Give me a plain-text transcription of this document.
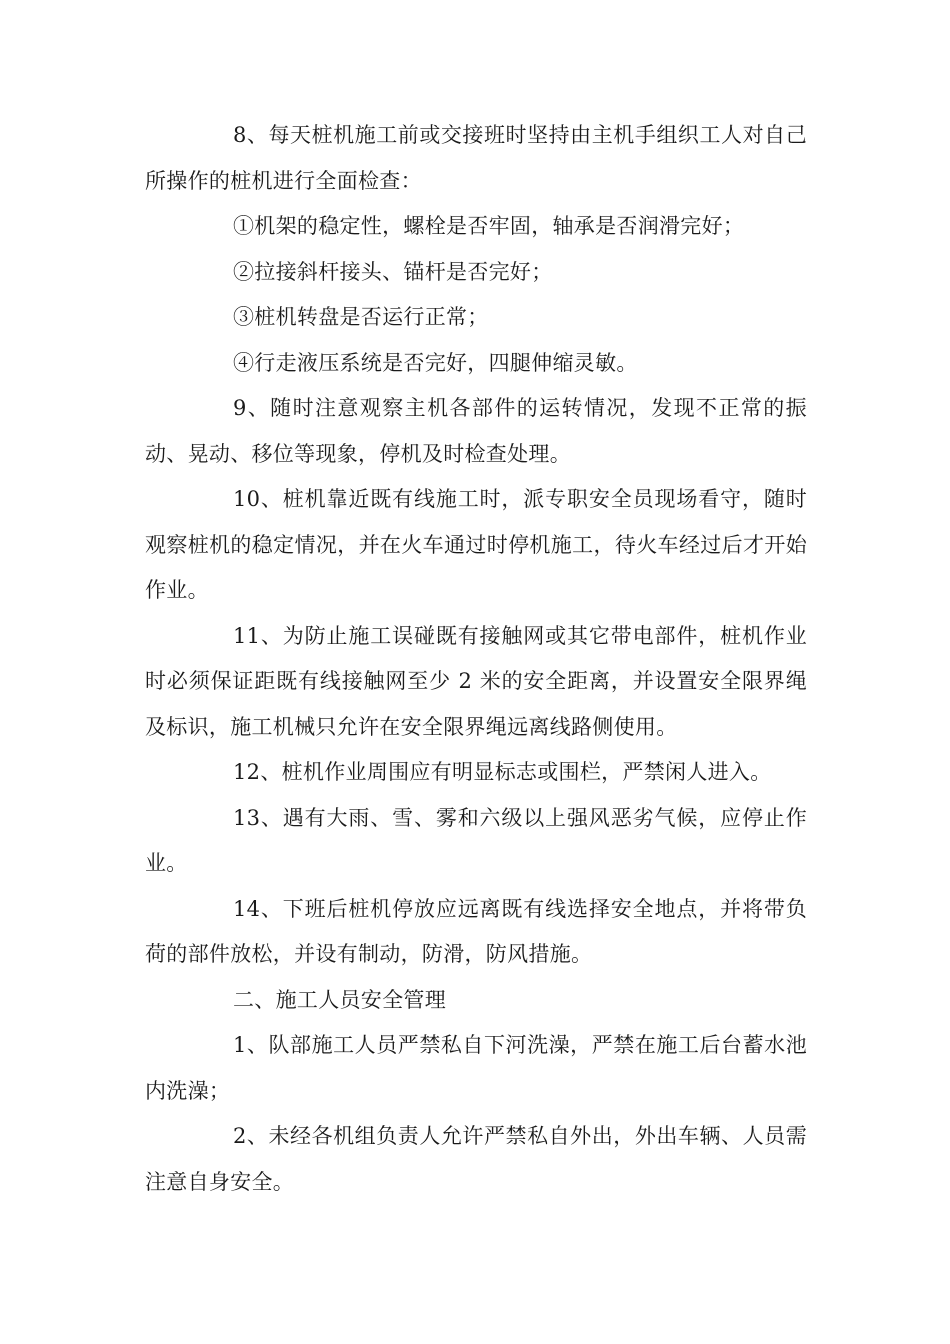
8、每天桩机施工前或交接班时坚持由主机手组织工人对自己所操作的桩机进行全面检查：

①机架的稳定性，螺栓是否牢固，轴承是否润滑完好；

②拉接斜杆接头、锚杆是否完好；

③桩机转盘是否运行正常；

④行走液压系统是否完好，四腿伸缩灵敏。

9、随时注意观察主机各部件的运转情况，发现不正常的振动、晃动、移位等现象，停机及时检查处理。

10、桩机靠近既有线施工时，派专职安全员现场看守，随时观察桩机的稳定情况，并在火车通过时停机施工，待火车经过后才开始作业。

11、为防止施工误碰既有接触网或其它带电部件，桩机作业时必须保证距既有线接触网至少 2 米的安全距离，并设置安全限界绳及标识，施工机械只允许在安全限界绳远离线路侧使用。

12、桩机作业周围应有明显标志或围栏，严禁闲人进入。

13、遇有大雨、雪、雾和六级以上强风恶劣气候，应停止作业。

14、下班后桩机停放应远离既有线选择安全地点，并将带负荷的部件放松，并设有制动，防滑，防风措施。

二、施工人员安全管理

1、队部施工人员严禁私自下河洗澡，严禁在施工后台蓄水池内洗澡；

2、未经各机组负责人允许严禁私自外出，外出车辆、人员需注意自身安全。
